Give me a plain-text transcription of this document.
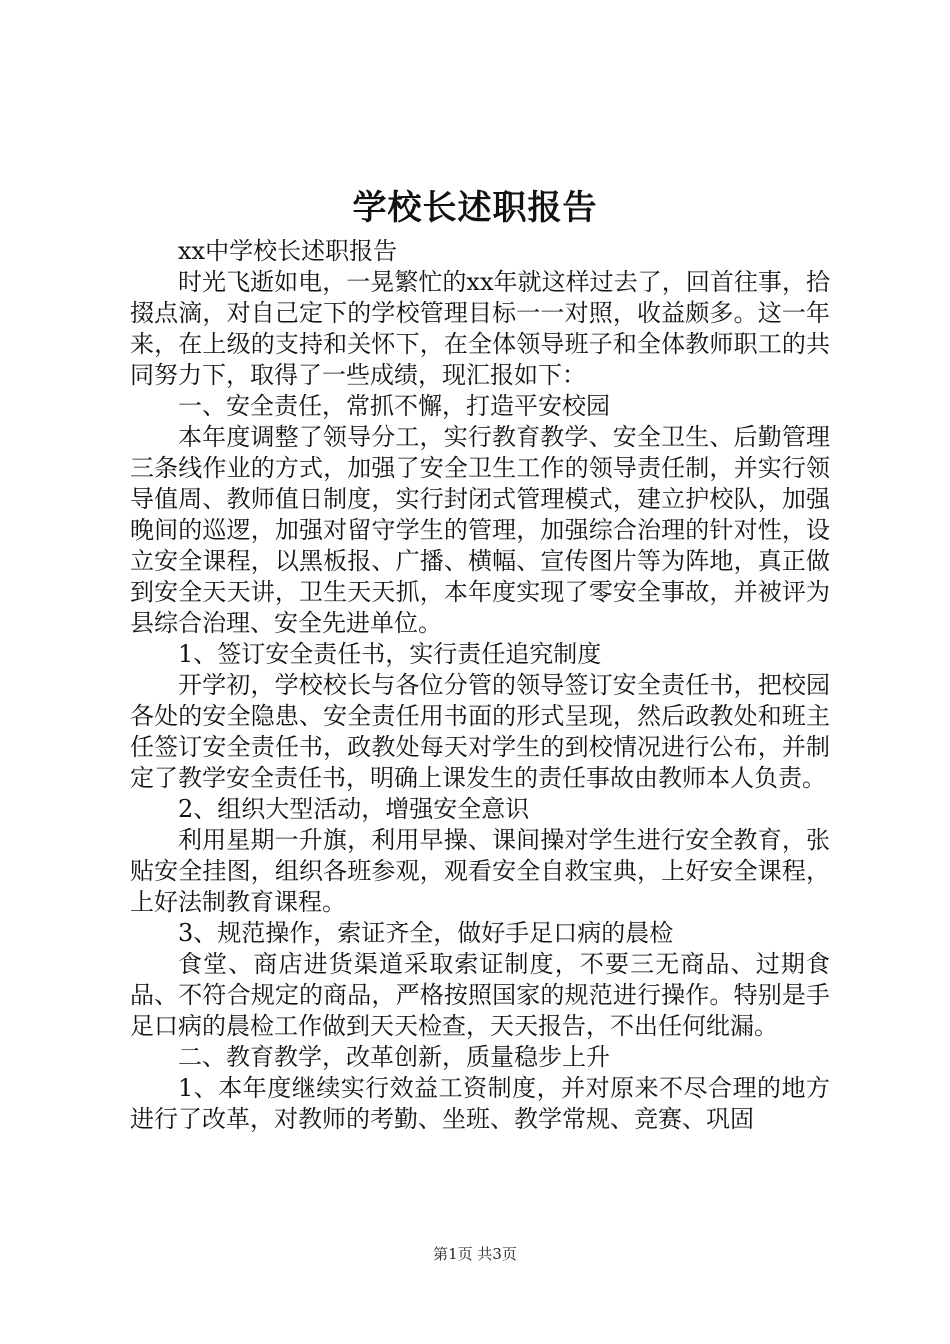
学校长述职报告

xx中学校长述职报告

时光飞逝如电，一晃繁忙的xx年就这样过去了，回首往事，拾掇点滴，对自己定下的学校管理目标一一对照，收益颇多。这一年来，在上级的支持和关怀下，在全体领导班子和全体教师职工的共同努力下，取得了一些成绩，现汇报如下：

一、安全责任，常抓不懈，打造平安校园

本年度调整了领导分工，实行教育教学、安全卫生、后勤管理三条线作业的方式，加强了安全卫生工作的领导责任制，并实行领导值周、教师值日制度，实行封闭式管理模式，建立护校队，加强晚间的巡逻，加强对留守学生的管理，加强综合治理的针对性，设立安全课程，以黑板报、广播、横幅、宣传图片等为阵地，真正做到安全天天讲，卫生天天抓，本年度实现了零安全事故，并被评为县综合治理、安全先进单位。

1、签订安全责任书，实行责任追究制度

开学初，学校校长与各位分管的领导签订安全责任书，把校园各处的安全隐患、安全责任用书面的形式呈现，然后政教处和班主任签订安全责任书，政教处每天对学生的到校情况进行公布，并制定了教学安全责任书，明确上课发生的责任事故由教师本人负责。

2、组织大型活动，增强安全意识

利用星期一升旗，利用早操、课间操对学生进行安全教育，张贴安全挂图，组织各班参观，观看安全自救宝典，上好安全课程，上好法制教育课程。

3、规范操作，索证齐全，做好手足口病的晨检

食堂、商店进货渠道采取索证制度，不要三无商品、过期食品、不符合规定的商品，严格按照国家的规范进行操作。特别是手足口病的晨检工作做到天天检查，天天报告，不出任何纰漏。

二、教育教学，改革创新，质量稳步上升

1、本年度继续实行效益工资制度，并对原来不尽合理的地方进行了改革，对教师的考勤、坐班、教学常规、竞赛、巩固

第1页 共3页
